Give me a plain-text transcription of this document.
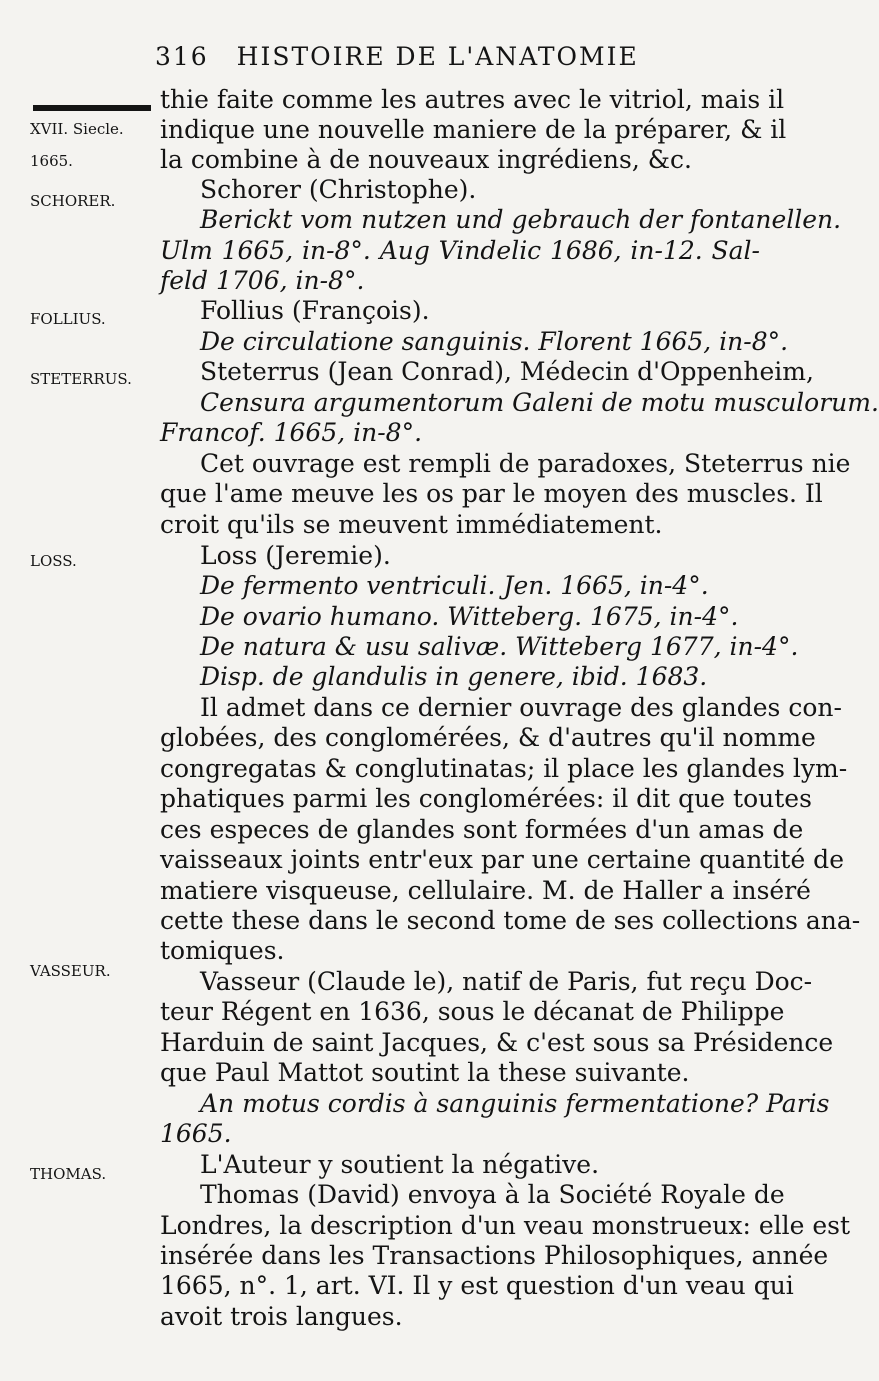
316 HISTOIRE DE L'ANATOMIE
XVII. Siecle.
1665.
SCHORER.
FOLLIUS.
STETERRUS.
LOSS.
VASSEUR.
THOMAS.
thie faite comme les autres avec le vitriol, mais il
indique une nouvelle maniere de la préparer, & il
la combine à de nouveaux ingrédiens, &c.
Schorer (Christophe).
Berickt vom nutzen und gebrauch der fontanellen.
Ulm 1665, in-8°. Aug Vindelic 1686, in-12. Sal-
feld 1706, in-8°.
Follius (François).
De circulatione sanguinis. Florent 1665, in-8°.
Steterrus (Jean Conrad), Médecin d'Oppenheim,
Censura argumentorum Galeni de motu musculorum.
Francof. 1665, in-8°.
Cet ouvrage est rempli de paradoxes, Steterrus nie
que l'ame meuve les os par le moyen des muscles. Il
croit qu'ils se meuvent immédiatement.
Loss (Jeremie).
De fermento ventriculi. Jen. 1665, in-4°.
De ovario humano. Witteberg. 1675, in-4°.
De natura & usu salivæ. Witteberg 1677, in-4°.
Disp. de glandulis in genere, ibid. 1683.
Il admet dans ce dernier ouvrage des glandes con-
globées, des conglomérées, & d'autres qu'il nomme
congregatas & conglutinatas; il place les glandes lym-
phatiques parmi les conglomérées: il dit que toutes
ces especes de glandes sont formées d'un amas de
vaisseaux joints entr'eux par une certaine quantité de
matiere visqueuse, cellulaire. M. de Haller a inséré
cette these dans le second tome de ses collections ana-
tomiques.
Vasseur (Claude le), natif de Paris, fut reçu Doc-
teur Régent en 1636, sous le décanat de Philippe
Harduin de saint Jacques, & c'est sous sa Présidence
que Paul Mattot soutint la these suivante.
An motus cordis à sanguinis fermentatione? Paris
1665.
L'Auteur y soutient la négative.
Thomas (David) envoya à la Société Royale de
Londres, la description d'un veau monstrueux: elle est
insérée dans les Transactions Philosophiques, année
1665, n°. 1, art. VI. Il y est question d'un veau qui
avoit trois langues.
